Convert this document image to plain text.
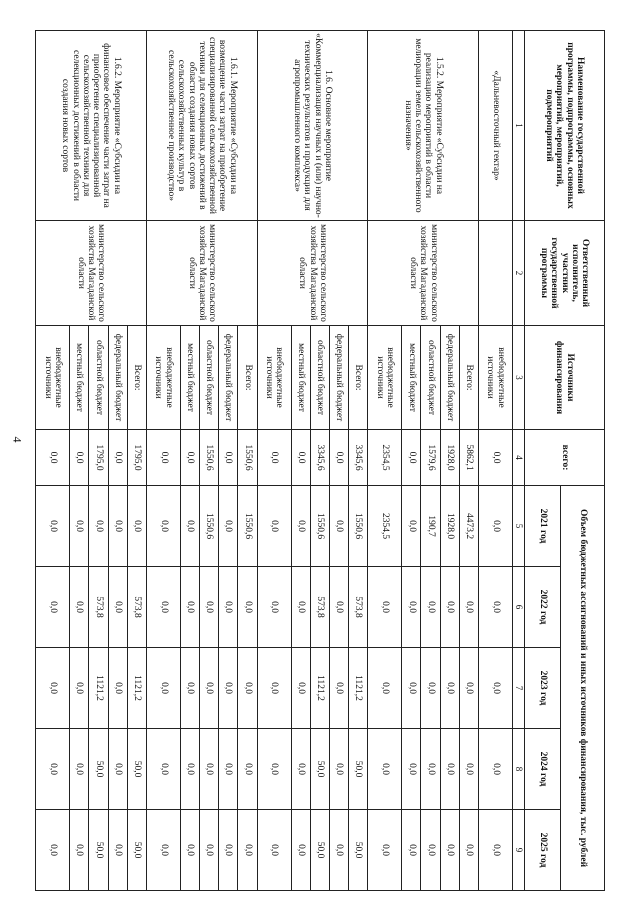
4
Наименование государственной программы, подпрограммы, основных мероприятий, мероприятий, подмероприятий	Ответственный исполнитель, участник государственной программы	Источники финансирования	всего:	Объем бюджетных ассигнований и иных источников финансирования, тыс. рублей				
				2021 год	2022 год	2023 год	2024 год	2025 год
1	2	3	4	5	6	7	8	9
«Дальневосточный гектар»		внебюджетные источники	0,0	0,0	0,0	0,0	0,0	0,0
1.5.2. Мероприятие «Субсидии на реализацию мероприятий в области мелиорации земель сельскохозяйственного назначения»	министерство сельского хозяйства Магаданской области	Всего:	5862,1	4473,2	0,0	0,0	0,0	0,0
		федеральный бюджет	1928,0	1928,0	0,0	0,0	0,0	0,0
		областной бюджет	1579,6	190,7	0,0	0,0	0,0	0,0
		местный бюджет	0,0	0,0	0,0	0,0	0,0	0,0
		внебюджетные источники	2354,5	2354,5	0,0	0,0	0,0	0,0
1.6. Основное мероприятие «Коммерциализация научных и (или) научно-технических результатов и продукции для агропромышленного комплекса»	министерство сельского хозяйства Магаданской области	Всего:	3345,6	1550,6	573,8	1121,2	50,0	50,0
		федеральный бюджет	0,0	0,0	0,0	0,0	0,0	0,0
		областной бюджет	3345,6	1550,6	573,8	1121,2	50,0	50,0
		местный бюджет	0,0	0,0	0,0	0,0	0,0	0,0
		внебюджетные источники	0,0	0,0	0,0	0,0	0,0	0,0
1.6.1. Мероприятие «Субсидии на возмещение части затрат на приобретение специализированной сельскохозяйственной техники для селекционных достижений в области создания новых сортов сельскохозяйственных культур в сельскохозяйственное производство»	министерство сельского хозяйства Магаданской области	Всего:	1550,6	1550,6	0,0	0,0	0,0	0,0
		федеральный бюджет	0,0	0,0	0,0	0,0	0,0	0,0
		областной бюджет	1550,6	1550,6	0,0	0,0	0,0	0,0
		местный бюджет	0,0	0,0	0,0	0,0	0,0	0,0
		внебюджетные источники	0,0	0,0	0,0	0,0	0,0	0,0
1.6.2. Мероприятие «Субсидии на финансовое обеспечение части затрат на приобретение специализированной сельскохозяйственной техники для селекционных достижений в области создания новых сортов	министерство сельского хозяйства Магаданской области	Всего:	1795,0	0,0	573,8	1121,2	50,0	50,0
		федеральный бюджет	0,0	0,0	0,0	0,0	0,0	0,0
		областной бюджет	1795,0	0,0	573,8	1121,2	50,0	50,0
		местный бюджет	0,0	0,0	0,0	0,0	0,0	0,0
		внебюджетные источники	0,0	0,0	0,0	0,0	0,0	0,0
